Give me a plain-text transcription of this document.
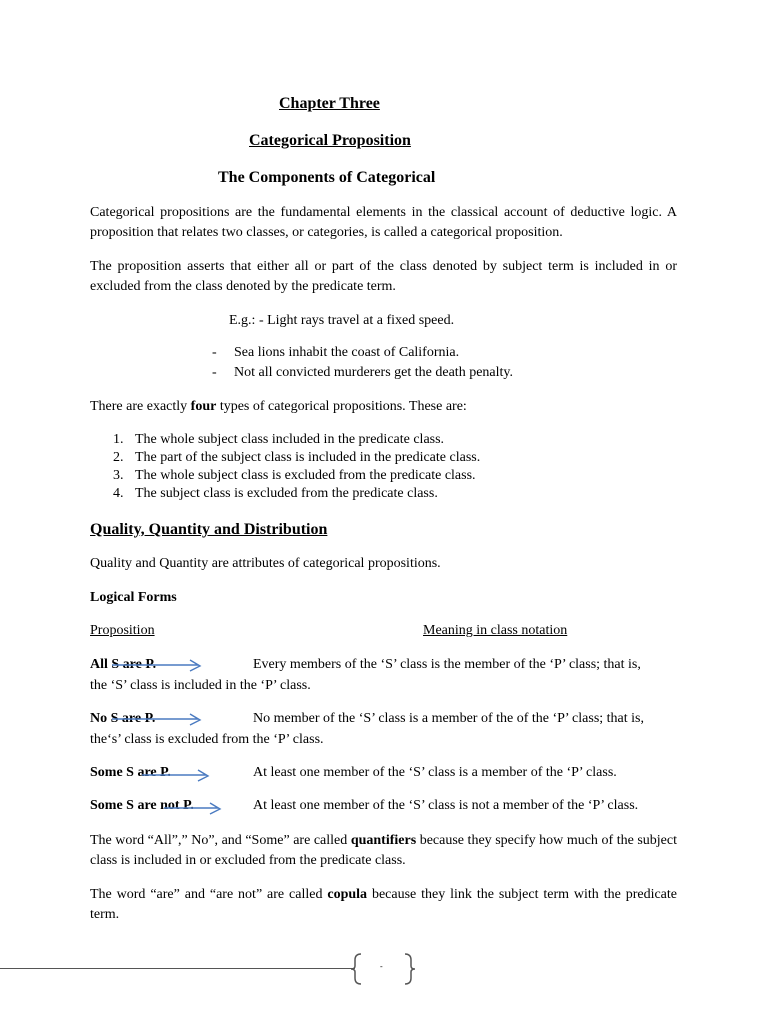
Chapter Three
Categorical Proposition
The Components of Categorical
Categorical propositions are the fundamental elements in the classical account of deductive logic. A proposition that relates two classes, or categories, is called a categorical proposition.
The proposition asserts that either all or part of the class denoted by subject term is included in or excluded from the class denoted by the predicate term.
E.g.: - Light rays travel at a fixed speed.
- Sea lions inhabit the coast of California.
- Not all convicted murderers get the death penalty.
There are exactly four types of categorical propositions. These are:
1. The whole subject class included in the predicate class.
2. The part of the subject class is included in the predicate class.
3. The whole subject class is excluded from the predicate class.
4. The subject class is excluded from the predicate class.
Quality, Quantity and Distribution
Quality and Quantity are attributes of categorical propositions.
Logical Forms
Proposition	Meaning in class notation
All S are P.	Every members of the ‘S’ class is the member of the ‘P’ class; that is,
the ‘S’ class is included in the ‘P’ class.
No S are P.	No member of the ‘S’ class is a member of the of the ‘P’ class; that is,
the‘s’ class is excluded from the ‘P’ class.
Some S are P.	At least one member of the ‘S’ class is a member of the ‘P’ class.
Some S are not P.	At least one member of the ‘S’ class is not a member of the ‘P’ class.
The word “All”,” No”, and “Some” are called quantifiers because they specify how much of the subject class is included in or excluded from the predicate class.
The word “are” and “are not” are called copula because they link the subject term with the predicate term.
-
